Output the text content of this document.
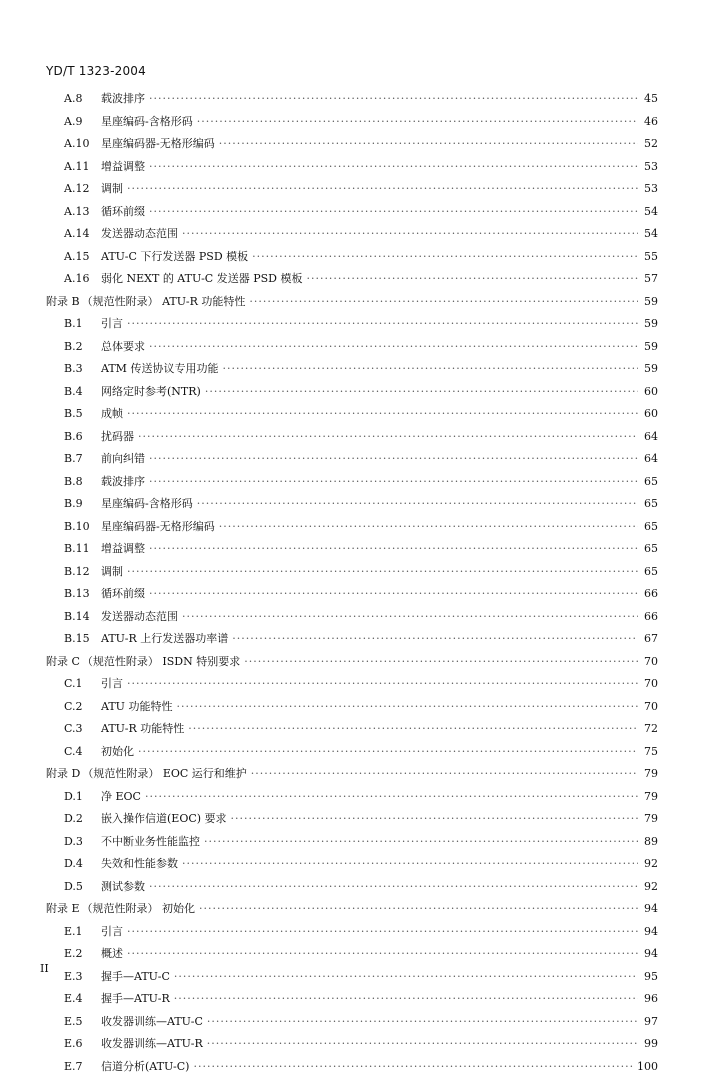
YD/T 1323-2004
A.8	载波排序 ·····	45
A.9	星座编码-含格形码 ·····	46
A.10	星座编码器-无格形编码 ·····	52
A.11	增益调整 ·····	53
A.12	调制 ·····	53
A.13	循环前缀 ·····	54
A.14	发送器动态范围 ·····	54
A.15	ATU-C 下行发送器 PSD 模板 ·····	55
A.16	弱化 NEXT 的 ATU-C 发送器 PSD 模板 ·····	57
附录 B （规范性附录） ATU-R 功能特性 ·····	59
B.1	引言 ·····	59
B.2	总体要求 ·····	59
B.3	ATM 传送协议专用功能 ·····	59
B.4	网络定时参考(NTR) ·····	60
B.5	成帧 ·····	60
B.6	扰码器 ·····	64
B.7	前向纠错 ·····	64
B.8	载波排序 ·····	65
B.9	星座编码-含格形码 ·····	65
B.10	星座编码器-无格形编码 ·····	65
B.11	增益调整 ·····	65
B.12	调制 ·····	65
B.13	循环前缀 ·····	66
B.14	发送器动态范围 ·····	66
B.15	ATU-R 上行发送器功率谱 ·····	67
附录 C （规范性附录） ISDN 特别要求 ·····	70
C.1	引言 ·····	70
C.2	ATU 功能特性 ·····	70
C.3	ATU-R 功能特性 ·····	72
C.4	初始化 ·····	75
附录 D （规范性附录） EOC 运行和维护 ·····	79
D.1	净 EOC ·····	79
D.2	嵌入操作信道(EOC) 要求 ·····	79
D.3	不中断业务性能监控 ·····	89
D.4	失效和性能参数 ·····	92
D.5	测试参数 ·····	92
附录 E （规范性附录） 初始化 ·····	94
E.1	引言 ·····	94
E.2	概述 ·····	94
E.3	握手—ATU-C ·····	95
E.4	握手—ATU-R ·····	96
E.5	收发器训练—ATU-C ·····	97
E.6	收发器训练—ATU-R ·····	99
E.7	信道分析(ATU-C) ·····	100
II
